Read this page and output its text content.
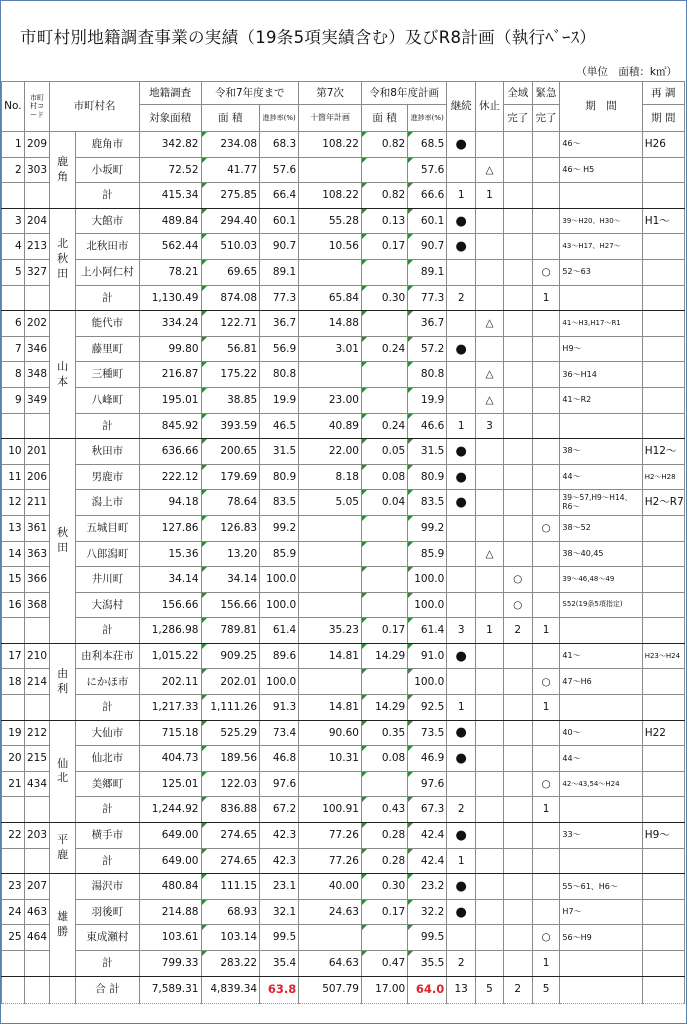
市町村別地籍調査事業の実績（19条5項実績含む）及びR8計画（執行ﾍﾞｰｽ）
（単位　面積：k㎡）
No.	市町村コード	市町村名		地籍調査	令和7年度まで		第7次	令和8年度計画		継続	休止	全域	緊急	期　間	再 調
				対象面積	面 積	進捗率(%)	十箇年計画	面 積	進捗率(%)			完了	完了		期 間
1	209	鹿角	鹿角市	342.82	234.08	68.3	108.22	0.82	68.5	●				46～	H26
2	303		小坂町	72.52	41.77	57.6			57.6		△			46～ H5	
			計	415.34	275.85	66.4	108.22	0.82	66.6	1	1				
3	204	北秋田	大館市	489.84	294.40	60.1	55.28	0.13	60.1	●				39～H20、H30～	H1～
4	213		北秋田市	562.44	510.03	90.7	10.56	0.17	90.7	●				43～H17、H27～	
5	327		上小阿仁村	78.21	69.65	89.1			89.1				○	52～63	
			計	1,130.49	874.08	77.3	65.84	0.30	77.3	2			1		
6	202	山本	能代市	334.24	122.71	36.7	14.88		36.7		△			41～H3,H17～R1	
7	346		藤里町	99.80	56.81	56.9	3.01	0.24	57.2	●				H9～	
8	348		三種町	216.87	175.22	80.8			80.8		△			36～H14	
9	349		八峰町	195.01	38.85	19.9	23.00		19.9		△			41～R2	
			計	845.92	393.59	46.5	40.89	0.24	46.6	1	3				
10	201	秋田	秋田市	636.66	200.65	31.5	22.00	0.05	31.5	●				38～	H12～
11	206		男鹿市	222.12	179.69	80.9	8.18	0.08	80.9	●				44～	H2～H28
12	211		潟上市	94.18	78.64	83.5	5.05	0.04	83.5	●				39～57,H9～H14、R6～	H2～R7
13	361		五城目町	127.86	126.83	99.2			99.2				○	38～52	
14	363		八郎潟町	15.36	13.20	85.9			85.9		△			38～40,45	
15	366		井川町	34.14	34.14	100.0			100.0			○		39～46,48～49	
16	368		大潟村	156.66	156.66	100.0			100.0			○		S52(19条5項指定)	
			計	1,286.98	789.81	61.4	35.23	0.17	61.4	3	1	2	1		
17	210	由利	由利本荘市	1,015.22	909.25	89.6	14.81	14.29	91.0	●				41～	H23～H24
18	214		にかほ市	202.11	202.01	100.0			100.0				○	47～H6	
			計	1,217.33	1,111.26	91.3	14.81	14.29	92.5	1			1		
19	212	仙北	大仙市	715.18	525.29	73.4	90.60	0.35	73.5	●				40～	H22
20	215		仙北市	404.73	189.56	46.8	10.31	0.08	46.9	●				44～	
21	434		美郷町	125.01	122.03	97.6			97.6				○	42～43,54～H24	
			計	1,244.92	836.88	67.2	100.91	0.43	67.3	2			1		
22	203	平鹿	横手市	649.00	274.65	42.3	77.26	0.28	42.4	●				33～	H9～
			計	649.00	274.65	42.3	77.26	0.28	42.4	1					
23	207	雄勝	湯沢市	480.84	111.15	23.1	40.00	0.30	23.2	●				55～61、H6～	
24	463		羽後町	214.88	68.93	32.1	24.63	0.17	32.2	●				H7～	
25	464		東成瀬村	103.61	103.14	99.5			99.5				○	56～H9	
			計	799.33	283.22	35.4	64.63	0.47	35.5	2			1		
			合 計	7,589.31	4,839.34	63.8	507.79	17.00	64.0	13	5	2	5		
